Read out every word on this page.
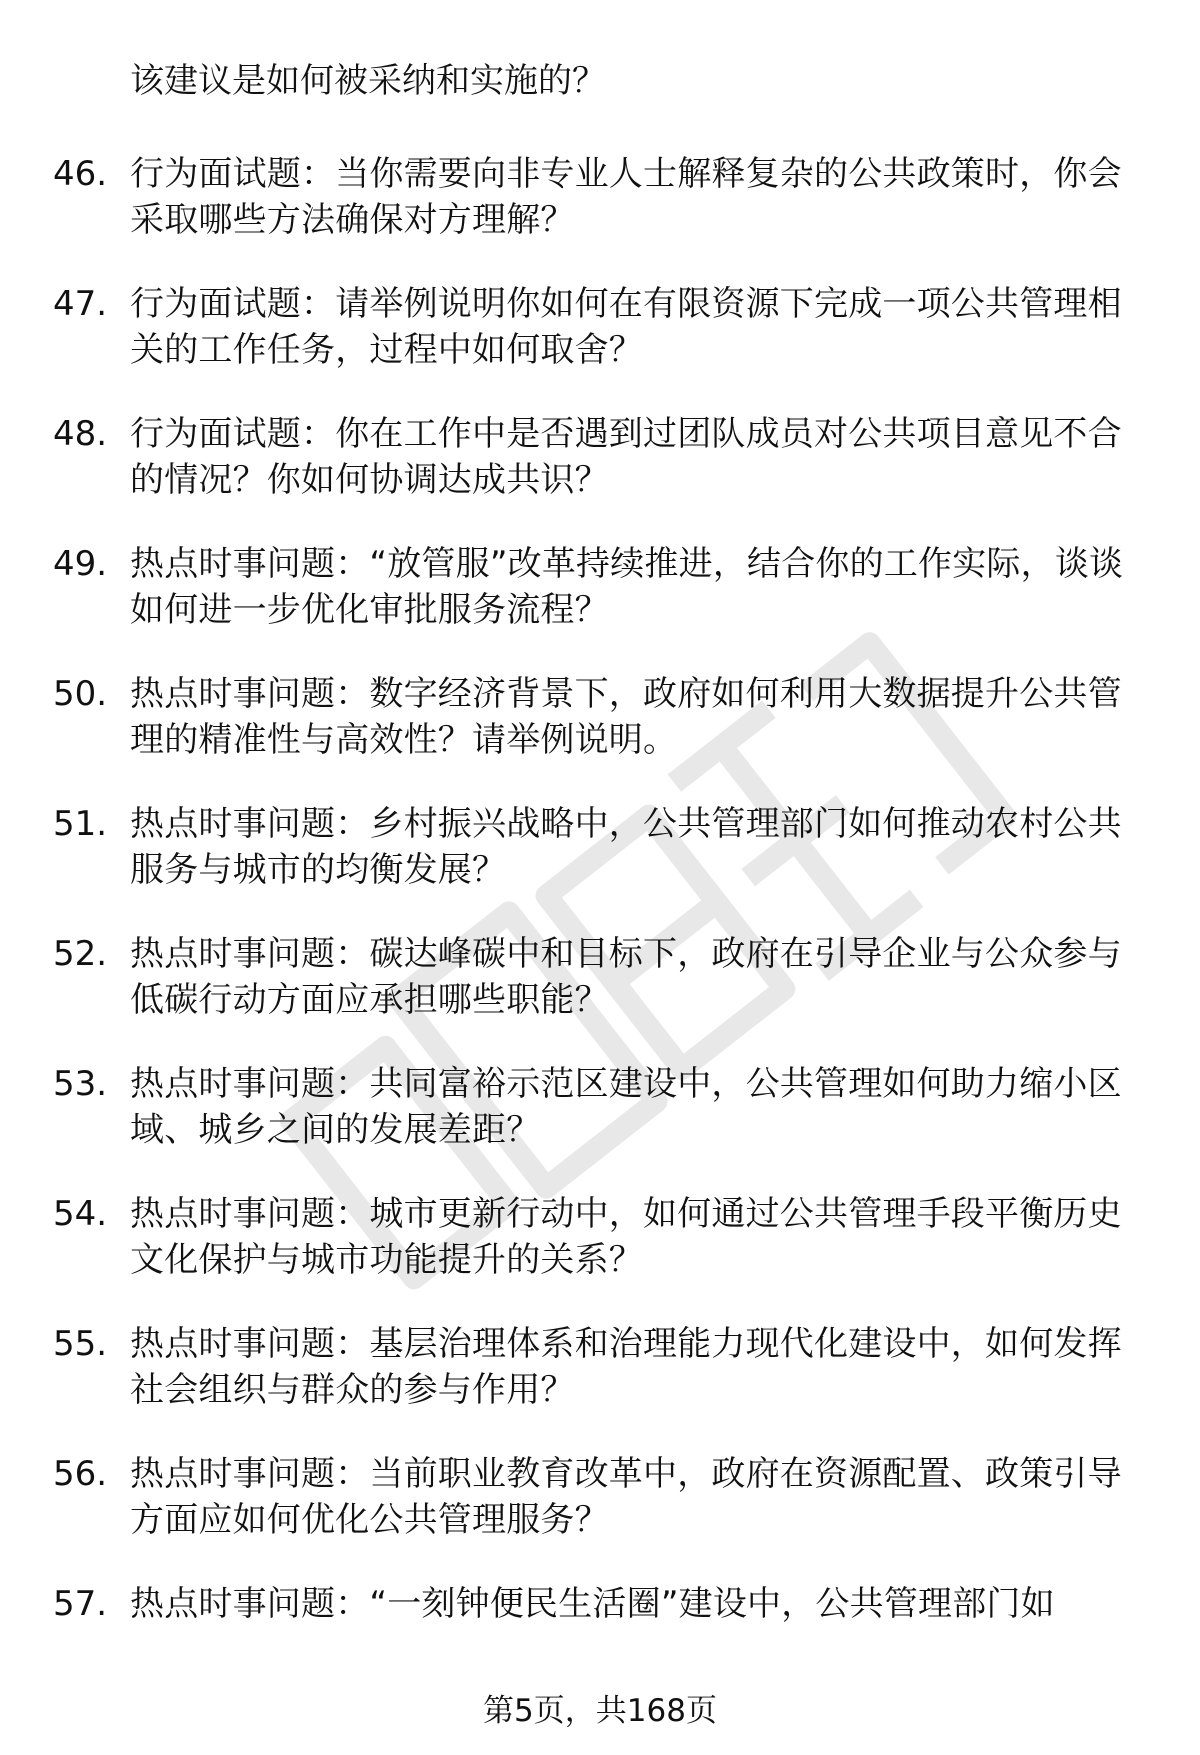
该建议是如何被采纳和实施的？
46. 行为面试题：当你需要向非专业人士解释复杂的公共政策时，你会采取哪些方法确保对方理解？
47. 行为面试题：请举例说明你如何在有限资源下完成一项公共管理相关的工作任务，过程中如何取舍？
48. 行为面试题：你在工作中是否遇到过团队成员对公共项目意见不合的情况？你如何协调达成共识？
49. 热点时事问题：“放管服”改革持续推进，结合你的工作实际，谈谈如何进一步优化审批服务流程？
50. 热点时事问题：数字经济背景下，政府如何利用大数据提升公共管理的精准性与高效性？请举例说明。
51. 热点时事问题：乡村振兴战略中，公共管理部门如何推动农村公共服务与城市的均衡发展？
52. 热点时事问题：碳达峰碳中和目标下，政府在引导企业与公众参与低碳行动方面应承担哪些职能？
53. 热点时事问题：共同富裕示范区建设中，公共管理如何助力缩小区域、城乡之间的发展差距？
54. 热点时事问题：城市更新行动中，如何通过公共管理手段平衡历史文化保护与城市功能提升的关系？
55. 热点时事问题：基层治理体系和治理能力现代化建设中，如何发挥社会组织与群众的参与作用？
56. 热点时事问题：当前职业教育改革中，政府在资源配置、政策引导方面应如何优化公共管理服务？
57. 热点时事问题：“一刻钟便民生活圈”建设中，公共管理部门如
第5页，共168页
